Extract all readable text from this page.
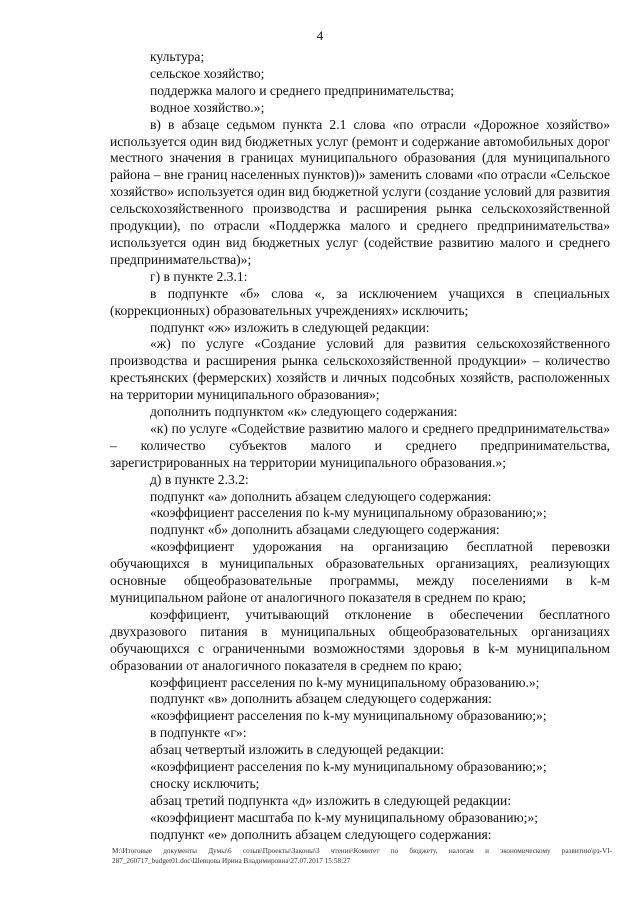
4

культура;

сельское хозяйство;

поддержка малого и среднего предпринимательства;

водное хозяйство.»;

в) в абзаце седьмом пункта 2.1 слова «по отрасли «Дорожное хозяйство» используется один вид бюджетных услуг (ремонт и содержание автомобильных дорог местного значения в границах муниципального образования (для муниципального района – вне границ населенных пунктов))» заменить словами «по отрасли «Сельское хозяйство» используется один вид бюджетной услуги (создание условий для развития сельскохозяйственного производства и расширения рынка сельскохозяйственной продукции), по отрасли «Поддержка малого и среднего предпринимательства» используется один вид бюджетных услуг (содействие развитию малого и среднего предпринимательства)»;

г) в пункте 2.3.1:

в подпункте «б» слова «, за исключением учащихся в специальных (коррекционных) образовательных учреждениях» исключить;

подпункт «ж» изложить в следующей редакции:

«ж) по услуге «Создание условий для развития сельскохозяйственного производства и расширения рынка сельскохозяйственной продукции» – количество крестьянских (фермерских) хозяйств и личных подсобных хозяйств, расположенных на территории муниципального образования»;

дополнить подпунктом «к» следующего содержания:

«к) по услуге «Содействие развитию малого и среднего предпринимательства» – количество субъектов малого и среднего предпринимательства, зарегистрированных на территории муниципального образования.»;

д) в пункте 2.3.2:

подпункт «а» дополнить абзацем следующего содержания:

«коэффициент расселения по k-му муниципальному образованию;»;

подпункт «б» дополнить абзацами следующего содержания:

«коэффициент удорожания на организацию бесплатной перевозки обучающихся в муниципальных образовательных организациях, реализующих основные общеобразовательные программы, между поселениями в k-м муниципальном районе от аналогичного показателя в среднем по краю;

коэффициент, учитывающий отклонение в обеспечении бесплатного двухразового питания в муниципальных общеобразовательных организациях обучающихся с ограниченными возможностями здоровья в k-м муниципальном образовании от аналогичного показателя в среднем по краю;

коэффициент расселения по k-му муниципальному образованию.»;

подпункт «в» дополнить абзацем следующего содержания:

«коэффициент расселения по k-му муниципальному образованию;»;

в подпункте «г»:

абзац четвертый изложить в следующей редакции:

«коэффициент расселения по k-му муниципальному образованию;»;

сноску исключить;

абзац третий подпункта «д» изложить в следующей редакции:

«коэффициент масштаба по k-му муниципальному образованию;»;

подпункт «е» дополнить абзацем следующего содержания:

M:\Итоговые документы Думы\6 созыв\Проекты\Законы\3 чтение\Комитет по бюджету, налогам и экономическому развитию\рз-VI-287_260717_budget01.doc\Шевцова Ирина Владимировна\27.07.2017 15:58:27
